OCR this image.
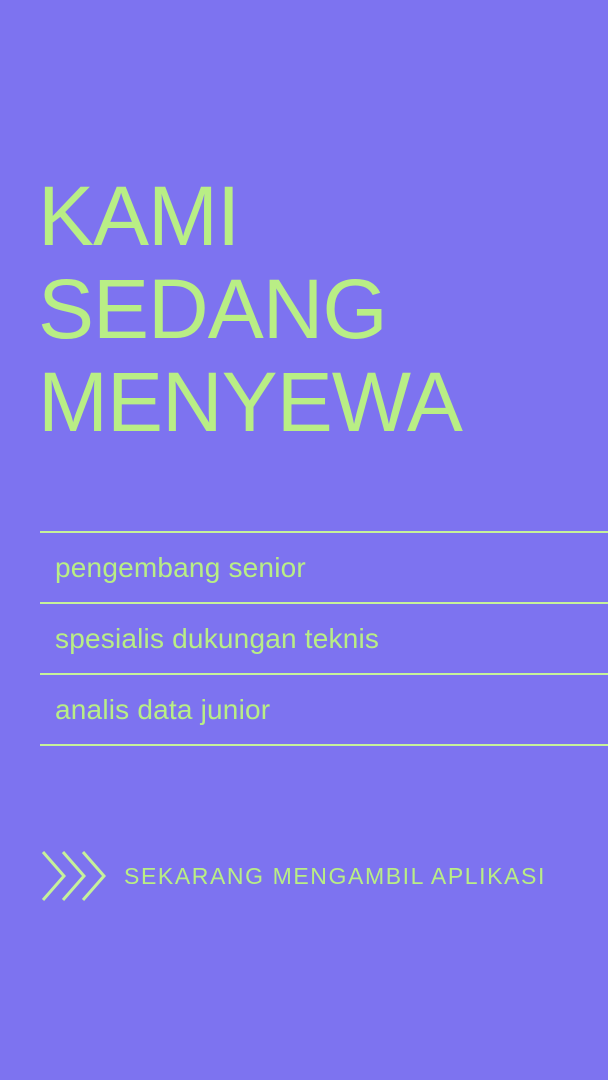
KAMI
SEDANG
MENYEWA
pengembang senior
spesialis dukungan teknis
analis data junior
SEKARANG MENGAMBIL APLIKASI
